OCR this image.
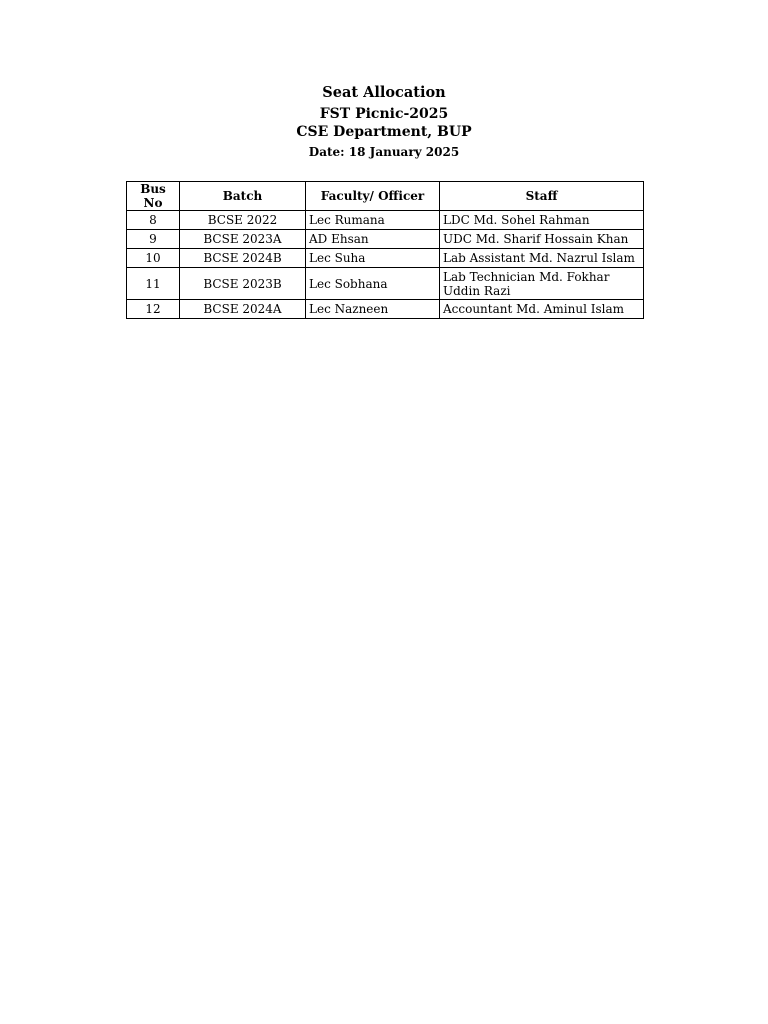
Seat Allocation
FST Picnic-2025
CSE Department, BUP
Date: 18 January 2025
Bus No	Batch	Faculty/ Officer	Staff
8	BCSE 2022	Lec Rumana	LDC Md. Sohel Rahman
9	BCSE 2023A	AD Ehsan	UDC Md. Sharif Hossain Khan
10	BCSE 2024B	Lec Suha	Lab Assistant Md. Nazrul Islam
11	BCSE 2023B	Lec Sobhana	Lab Technician Md. Fokhar Uddin Razi
12	BCSE 2024A	Lec Nazneen	Accountant Md. Aminul Islam
